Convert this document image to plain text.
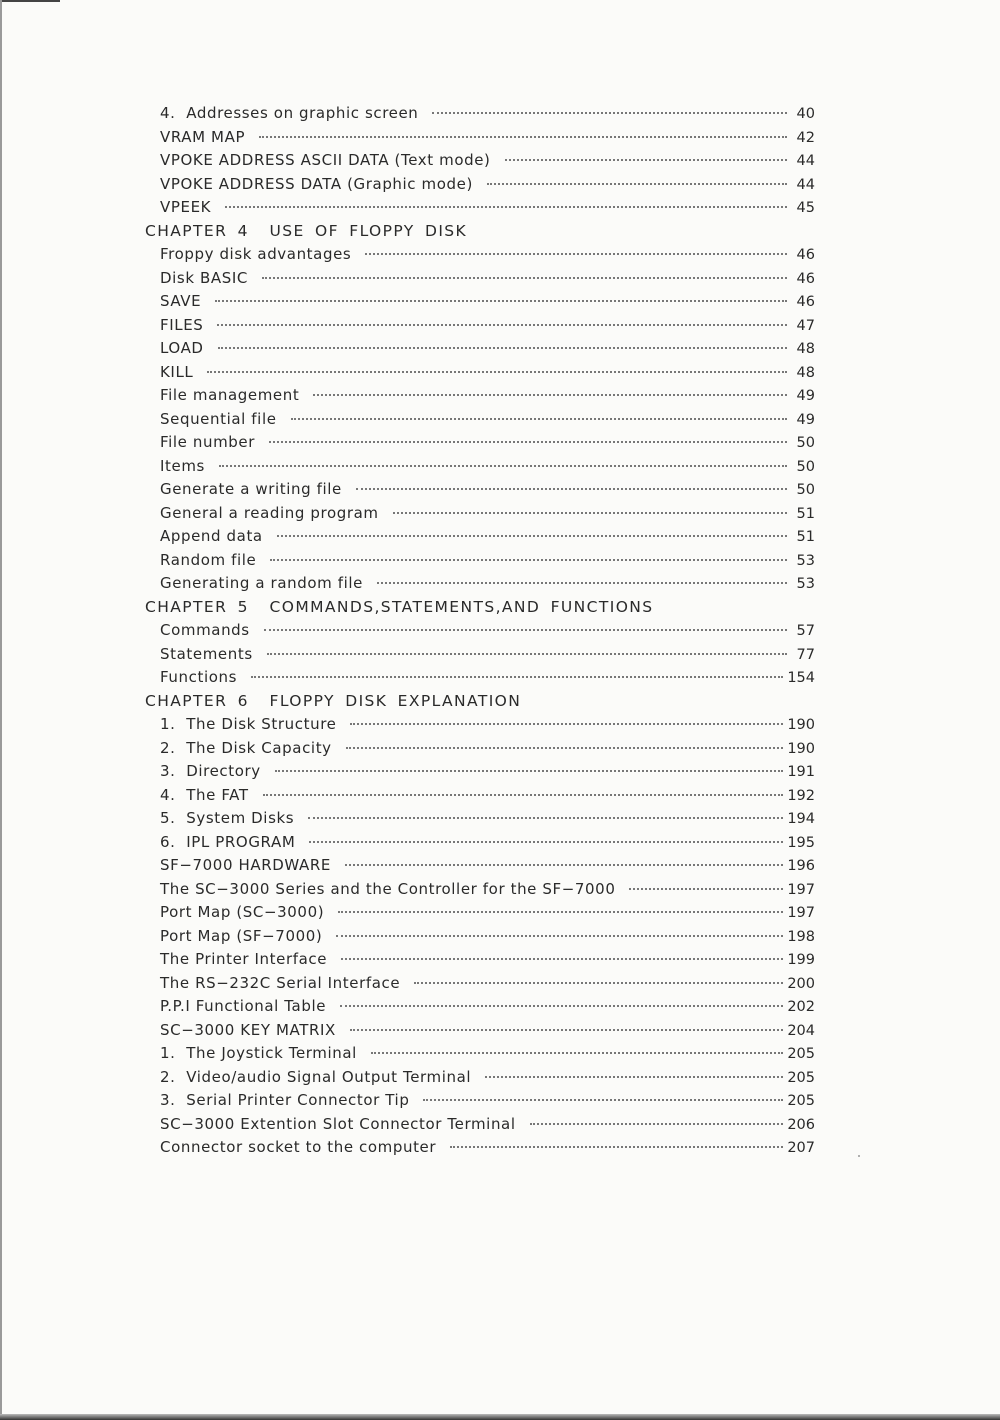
4.  Addresses on graphic screen	40
VRAM MAP	42
VPOKE ADDRESS ASCII DATA (Text mode)	44
VPOKE ADDRESS DATA (Graphic mode)	44
VPEEK	45
CHAPTER 4  USE OF FLOPPY DISK
Froppy disk advantages	46
Disk BASIC	46
SAVE	46
FILES	47
LOAD	48
KILL	48
File management	49
Sequential file	49
File number	50
Items	50
Generate a writing file	50
General a reading program	51
Append data	51
Random file	53
Generating a random file	53
CHAPTER 5  COMMANDS,STATEMENTS,AND FUNCTIONS
Commands	57
Statements	77
Functions	154
CHAPTER 6  FLOPPY DISK EXPLANATION
1.  The Disk Structure	190
2.  The Disk Capacity	190
3.  Directory	191
4.  The FAT	192
5.  System Disks	194
6.  IPL PROGRAM	195
SF−7000 HARDWARE	196
The SC−3000 Series and the Controller for the SF−7000	197
Port Map (SC−3000)	197
Port Map (SF−7000)	198
The Printer Interface	199
The RS−232C Serial Interface	200
P.P.I Functional Table	202
SC−3000 KEY MATRIX	204
1.  The Joystick Terminal	205
2.  Video/audio Signal Output Terminal	205
3.  Serial Printer Connector Tip	205
SC−3000 Extention Slot Connector Terminal	206
Connector socket to the computer	207
